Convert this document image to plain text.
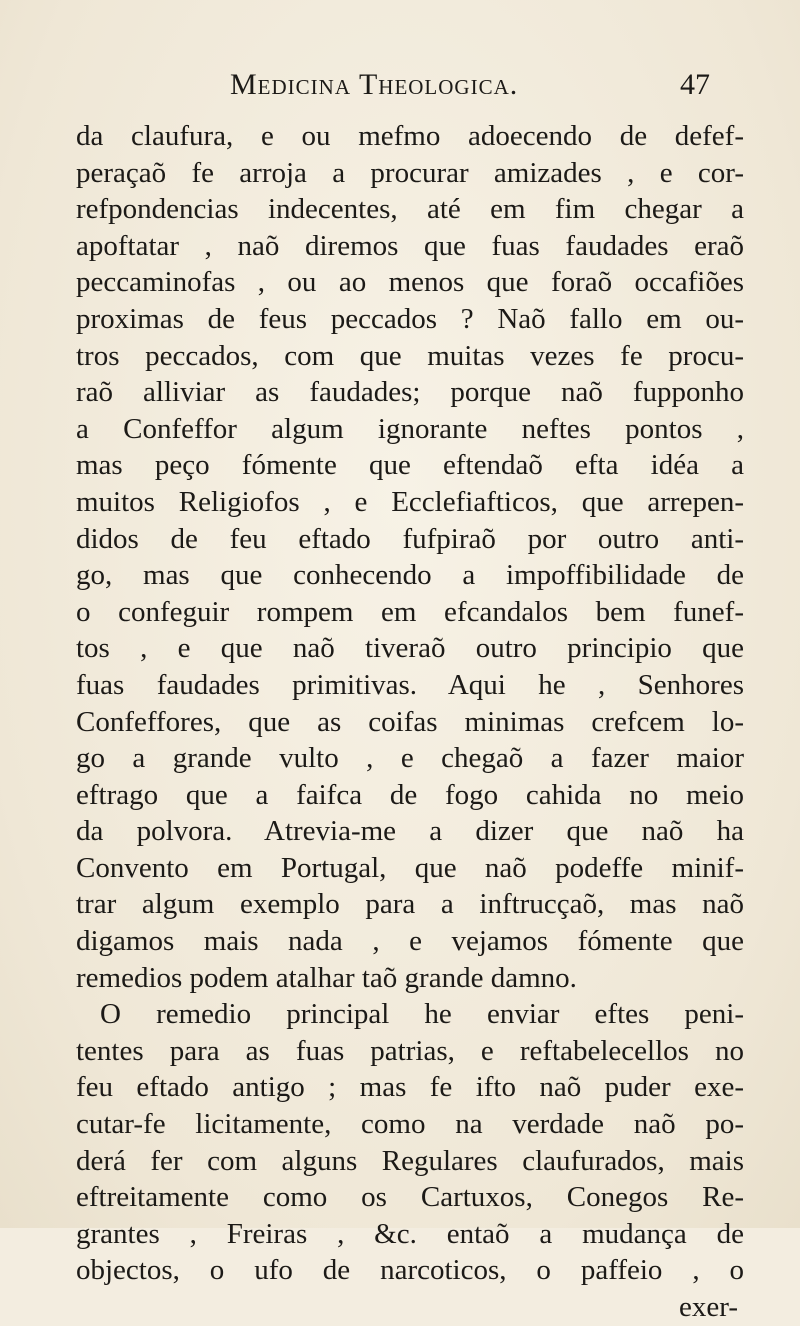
Medicina Theologica.	47
da claufura, e ou mefmo adoecendo de defef-
peraçaõ fe arroja a procurar amizades , e cor-
refpondencias indecentes, até em fim chegar a
apoftatar , naõ diremos que fuas faudades eraõ
peccaminofas , ou ao menos que foraõ occafiões
proximas de feus peccados ? Naõ fallo em ou-
tros peccados, com que muitas vezes fe procu-
raõ alliviar as faudades; porque naõ fupponho
a Confeffor algum ignorante neftes pontos ,
mas peço fómente que eftendaõ efta idéa a
muitos Religiofos , e Ecclefiafticos, que arrepen-
didos de feu eftado fufpiraõ por outro anti-
go, mas que conhecendo a impoffibilidade de
o confeguir rompem em efcandalos bem funef-
tos , e que naõ tiveraõ outro principio que
fuas faudades primitivas. Aqui he , Senhores
Confeffores, que as coifas minimas crefcem lo-
go a grande vulto , e chegaõ a fazer maior
eftrago que a faifca de fogo cahida no meio
da polvora. Atrevia-me a dizer que naõ ha
Convento em Portugal, que naõ podeffe minif-
trar algum exemplo para a inftrucçaõ, mas naõ
digamos mais nada , e vejamos fómente que
remedios podem atalhar taõ grande damno.
O remedio principal he enviar eftes peni-
tentes para as fuas patrias, e reftabelecellos no
feu eftado antigo ; mas fe ifto naõ puder exe-
cutar-fe licitamente, como na verdade naõ po-
derá fer com alguns Regulares claufurados, mais
eftreitamente como os Cartuxos, Conegos Re-
grantes , Freiras , &c. entaõ a mudança de
objectos, o ufo de narcoticos, o paffeio , o
exer-
